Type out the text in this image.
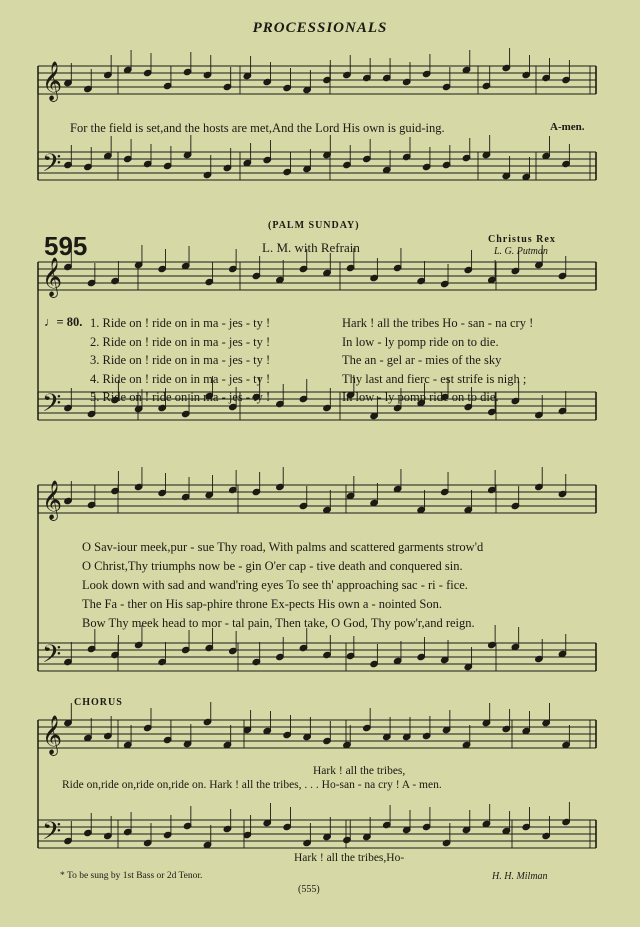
PROCESSIONALS
𝄞
𝄢
𝄞
𝄢
𝄞
𝄢
𝄞
𝄢
For the field is set,and the hosts are met,And the Lord His own is guid-ing.	A-men.
(PALM SUNDAY)
595	L. M. with Refrain
Christus Rex
L. G. Putman
♩= 80. 1. Ride on ! ride on in ma - jes - ty !	Hark ! all the tribes Ho - san - na cry !
2. Ride on ! ride on in ma - jes - ty !	In low - ly pomp ride on to die.
3. Ride on ! ride on in ma - jes - ty !	The an - gel ar - mies of the sky
4. Ride on ! ride on in ma - jes - ty !	Thy last and fierc - est strife is nigh ;
5. Ride on ! ride on in ma - jes - ty !	In low - ly pomp ride on to die.
O Sav-iour meek,pur - sue Thy road, With palms and scattered garments strow'd
O Christ,Thy triumphs now be - gin O'er cap - tive death and conquered sin.
Look down with sad and wand'ring eyes To see th' approaching sac - ri - fice.
The Fa - ther on His sap-phire throne Ex-pects His own a - nointed Son.
Bow Thy meek head to mor - tal pain, Then take, O God, Thy pow'r,and reign.
CHORUS
Hark ! all the tribes,
Ride on,ride on,ride on,ride on. Hark ! all the tribes, . . . Ho-san - na cry ! A - men.
Hark ! all the tribes,Ho-
* To be sung by 1st Bass or 2d Tenor.	H. H. Milman
(555)
